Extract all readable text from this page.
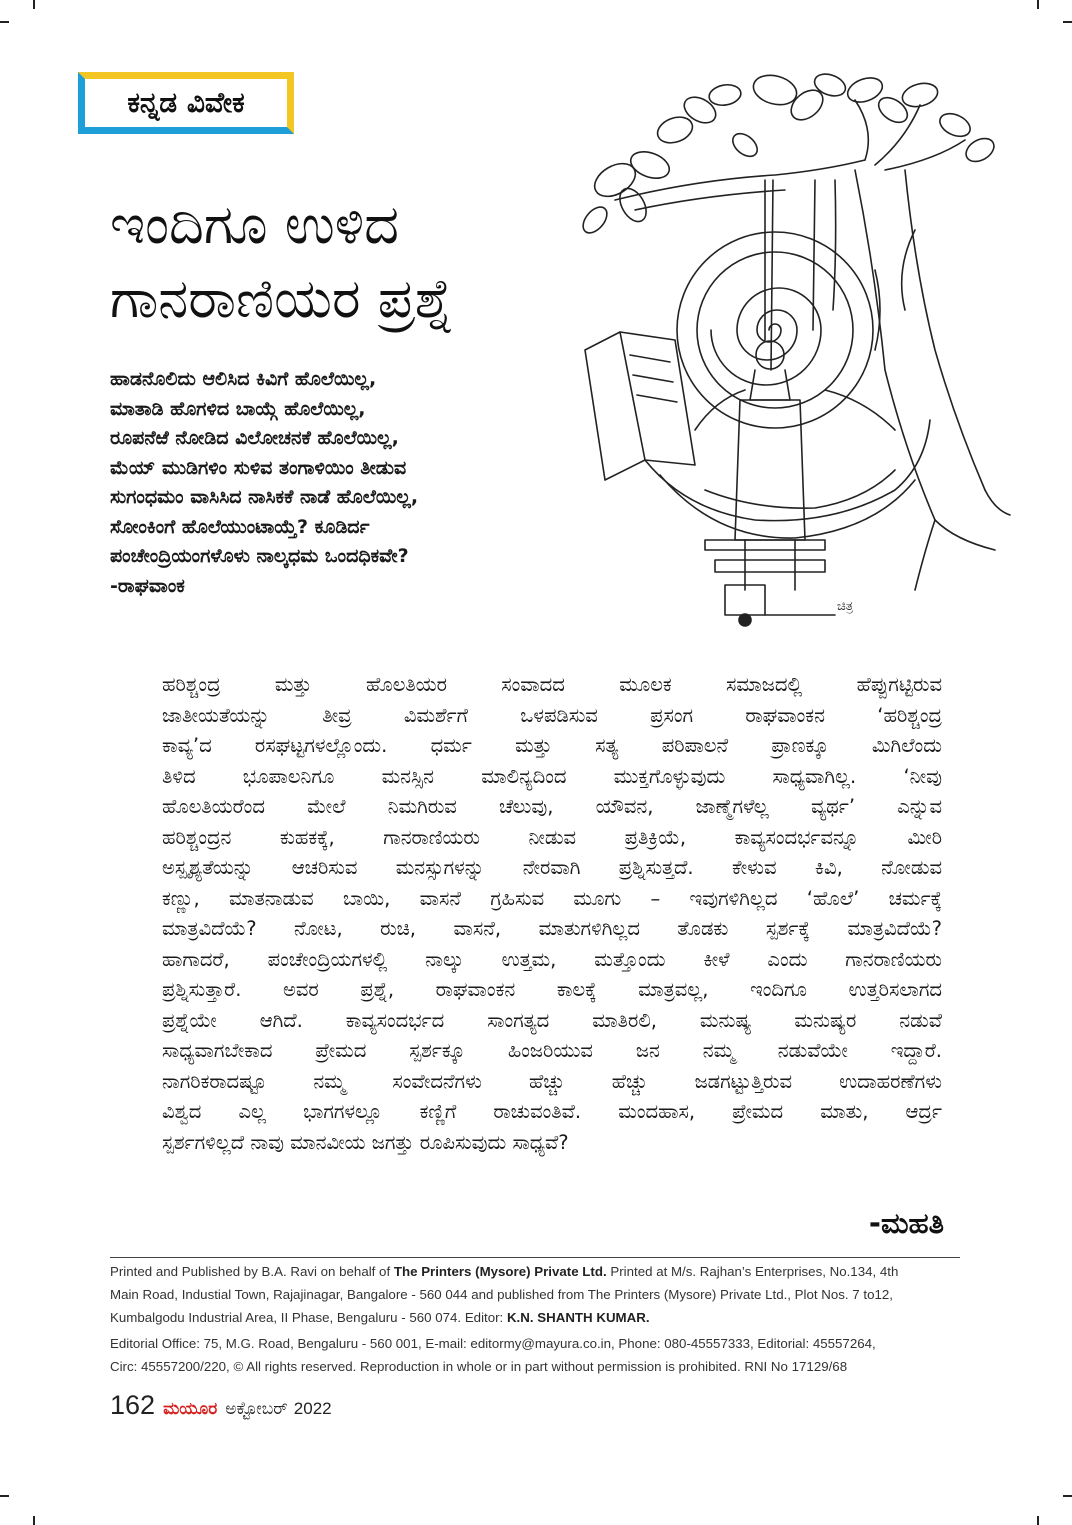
ಕನ್ನಡ ವಿವೇಕ
ಇಂದಿಗೂ ಉಳಿದ
ಗಾನರಾಣಿಯರ ಪ್ರಶ್ನೆ
ಹಾಡನೊಲಿದು ಆಲಿಸಿದ ಕಿವಿಗೆ ಹೊಲೆಯಿಲ್ಲ,
ಮಾತಾಡಿ ಹೊಗಳಿದ ಬಾಯ್ಗೆ ಹೊಲೆಯಿಲ್ಲ,
ರೂಪನೆಱೆ ನೋಡಿದ ವಿಲೋಚನಕೆ ಹೊಲೆಯಿಲ್ಲ,
ಮೆಯ್ ಮುಡಿಗಳಿಂ ಸುಳಿವ ತಂಗಾಳಿಯಿಂ ತೀಡುವ
ಸುಗಂಧಮಂ ವಾಸಿಸಿದ ನಾಸಿಕಕೆ ನಾಡೆ ಹೊಲೆಯಿಲ್ಲ,
ಸೋಂಕಿಂಗೆ ಹೊಲೆಯುಂಟಾಯ್ತೆ? ಕೂಡಿರ್ದ
ಪಂಚೇಂದ್ರಿಯಂಗಳೊಳು ನಾಲ್ಕಧಮ ಒಂದಧಿಕವೇ?
-ರಾಘವಾಂಕ
ಚಿತ್ರ
ಹರಿಶ್ಚಂದ್ರ ಮತ್ತು ಹೊಲತಿಯರ ಸಂವಾದದ ಮೂಲಕ ಸಮಾಜದಲ್ಲಿ ಹೆಪ್ಪುಗಟ್ಟಿರುವ
ಜಾತೀಯತೆಯನ್ನು ತೀವ್ರ ವಿಮರ್ಶೆಗೆ ಒಳಪಡಿಸುವ ಪ್ರಸಂಗ ರಾಘವಾಂಕನ ‘ಹರಿಶ್ಚಂದ್ರ
ಕಾವ್ಯ’ದ ರಸಘಟ್ಟಗಳಲ್ಲೊಂದು. ಧರ್ಮ ಮತ್ತು ಸತ್ಯ ಪರಿಪಾಲನೆ ಪ್ರಾಣಕ್ಕೂ ಮಿಗಿಲೆಂದು
ತಿಳಿದ ಭೂಪಾಲನಿಗೂ ಮನಸ್ಸಿನ ಮಾಲಿನ್ಯದಿಂದ ಮುಕ್ತಗೊಳ್ಳುವುದು ಸಾಧ್ಯವಾಗಿಲ್ಲ. ‘ನೀವು
ಹೊಲತಿಯರೆಂದ ಮೇಲೆ ನಿಮಗಿರುವ ಚೆಲುವು, ಯೌವನ, ಜಾಣ್ಮೆಗಳೆಲ್ಲ ವ್ಯರ್ಥ’ ಎನ್ನುವ
ಹರಿಶ್ಚಂದ್ರನ ಕುಹಕಕ್ಕೆ, ಗಾನರಾಣಿಯರು ನೀಡುವ ಪ್ರತಿಕ್ರಿಯೆ, ಕಾವ್ಯಸಂದರ್ಭವನ್ನೂ ಮೀರಿ
ಅಸ್ಪೃಶ್ಯತೆಯನ್ನು ಆಚರಿಸುವ ಮನಸ್ಸುಗಳನ್ನು ನೇರವಾಗಿ ಪ್ರಶ್ನಿಸುತ್ತದೆ. ಕೇಳುವ ಕಿವಿ, ನೋಡುವ
ಕಣ್ಣು, ಮಾತನಾಡುವ ಬಾಯಿ, ವಾಸನೆ ಗ್ರಹಿಸುವ ಮೂಗು – ಇವುಗಳಿಗಿಲ್ಲದ ‘ಹೊಲೆ’ ಚರ್ಮಕ್ಕೆ
ಮಾತ್ರವಿದೆಯೆ? ನೋಟ, ರುಚಿ, ವಾಸನೆ, ಮಾತುಗಳಿಗಿಲ್ಲದ ತೊಡಕು ಸ್ಪರ್ಶಕ್ಕೆ ಮಾತ್ರವಿದೆಯೆ?
ಹಾಗಾದರೆ, ಪಂಚೇಂದ್ರಿಯಗಳಲ್ಲಿ ನಾಲ್ಕು ಉತ್ತಮ, ಮತ್ತೊಂದು ಕೀಳೆ ಎಂದು ಗಾನರಾಣಿಯರು
ಪ್ರಶ್ನಿಸುತ್ತಾರೆ. ಅವರ ಪ್ರಶ್ನೆ, ರಾಘವಾಂಕನ ಕಾಲಕ್ಕೆ ಮಾತ್ರವಲ್ಲ, ಇಂದಿಗೂ ಉತ್ತರಿಸಲಾಗದ
ಪ್ರಶ್ನೆಯೇ ಆಗಿದೆ. ಕಾವ್ಯಸಂದರ್ಭದ ಸಾಂಗತ್ಯದ ಮಾತಿರಲಿ, ಮನುಷ್ಯ ಮನುಷ್ಯರ ನಡುವೆ
ಸಾಧ್ಯವಾಗಬೇಕಾದ ಪ್ರೇಮದ ಸ್ಪರ್ಶಕ್ಕೂ ಹಿಂಜರಿಯುವ ಜನ ನಮ್ಮ ನಡುವೆಯೇ ಇದ್ದಾರೆ.
ನಾಗರಿಕರಾದಷ್ಟೂ ನಮ್ಮ ಸಂವೇದನೆಗಳು ಹೆಚ್ಚು ಹೆಚ್ಚು ಜಡಗಟ್ಟುತ್ತಿರುವ ಉದಾಹರಣೆಗಳು
ವಿಶ್ವದ ಎಲ್ಲ ಭಾಗಗಳಲ್ಲೂ ಕಣ್ಣಿಗೆ ರಾಚುವಂತಿವೆ. ಮಂದಹಾಸ, ಪ್ರೇಮದ ಮಾತು, ಆರ್ದ್ರ
ಸ್ಪರ್ಶಗಳಿಲ್ಲದೆ ನಾವು ಮಾನವೀಯ ಜಗತ್ತು ರೂಪಿಸುವುದು ಸಾಧ್ಯವೆ?
-ಮಹತಿ
Printed and Published by B.A. Ravi on behalf of The Printers (Mysore) Private Ltd. Printed at M/s. Rajhan’s Enterprises, No.134, 4th
Main Road, Industial Town, Rajajinagar, Bangalore - 560 044 and published from The Printers (Mysore) Private Ltd., Plot Nos. 7 to12,
Kumbalgodu Industrial Area, II Phase, Bengaluru - 560 074. Editor: K.N. SHANTH KUMAR.
Editorial Office: 75, M.G. Road, Bengaluru - 560 001, E-mail: editormy@mayura.co.in, Phone: 080-45557333, Editorial: 45557264,
Circ: 45557200/220, © All rights reserved. Reproduction in whole or in part without permission is prohibited. RNI No 17129/68
162 ಮಯೂರ ಅಕ್ಟೋಬರ್ 2022
